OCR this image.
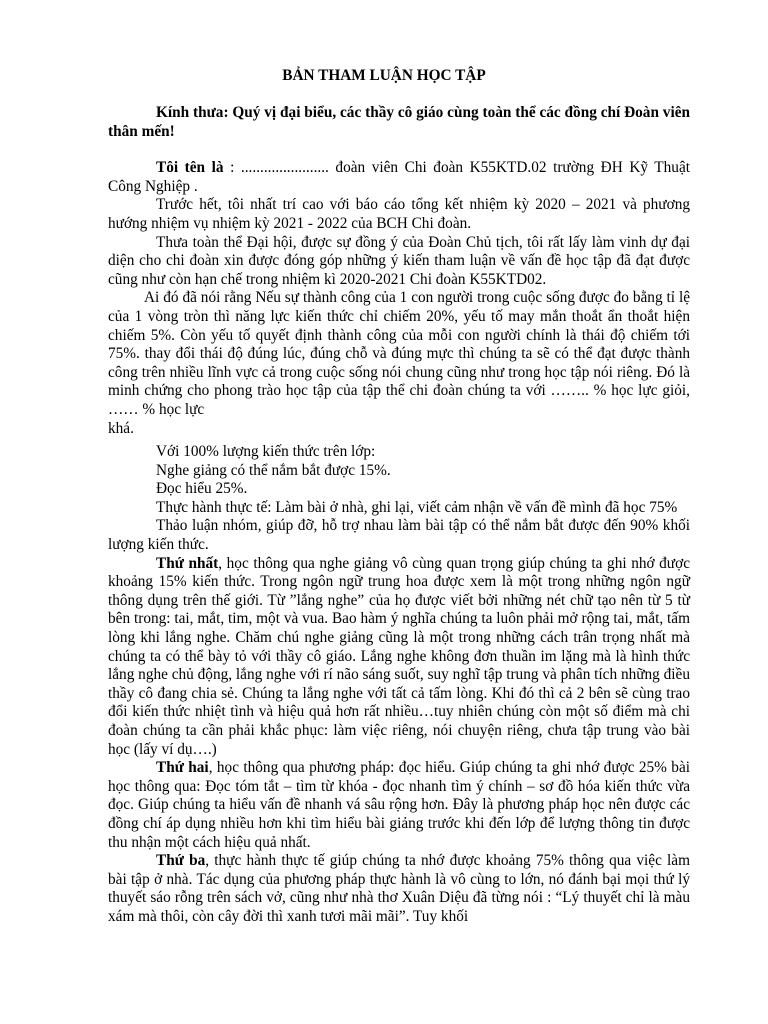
BẢN THAM LUẬN HỌC TẬP

Kính thưa: Quý vị đại biểu, các thầy cô giáo cùng toàn thể các đồng chí Đoàn viên thân mến!

Tôi tên là : ....................... đoàn viên Chi đoàn K55KTD.02 trường ĐH Kỹ Thuật Công Nghiệp .

Trước hết, tôi nhất trí cao với báo cáo tổng kết nhiệm kỳ 2020 – 2021 và phương hướng nhiệm vụ nhiệm kỳ 2021 - 2022 của BCH Chi đoàn.

Thưa toàn thể Đại hội, được sự đồng ý của Đoàn Chủ tịch, tôi rất lấy làm vinh dự đại diện cho chi đoàn xin được đóng góp những ý kiến tham luận về vấn đề học tập đã đạt được cũng như còn hạn chế trong nhiệm kì 2020-2021 Chi đoàn K55KTD02.

Ai đó đã nói rằng Nếu sự thành công của 1 con người trong cuộc sống được đo bằng tỉ lệ của 1 vòng tròn thì năng lực kiến thức chỉ chiếm 20%, yếu tố may mắn thoắt ẩn thoắt hiện chiếm 5%. Còn yếu tố quyết định thành công của mỗi con người chính là thái độ chiếm tới 75%. thay đổi thái độ đúng lúc, đúng chỗ và đúng mực thì chúng ta sẽ có thể đạt được thành công trên nhiều lĩnh vực cả trong cuộc sống nói chung cũng như trong học tập nói riêng. Đó là minh chứng cho phong trào học tập của tập thể chi đoàn chúng ta với …….. % học lực giỏi, …… % học lực

khá.

Với 100% lượng kiến thức trên lớp:

Nghe giảng có thể nắm bắt được 15%.

Đọc hiểu 25%.

Thực hành thực tế: Làm bài ở nhà, ghi lại, viết cảm nhận về vấn đề mình đã học 75%

Thảo luận nhóm, giúp đỡ, hỗ trợ nhau làm bài tập có thể nắm bắt được đến 90% khối lượng kiến thức.

Thứ nhất, học thông qua nghe giảng vô cùng quan trọng giúp chúng ta ghi nhớ được khoảng 15% kiến thức. Trong ngôn ngữ trung hoa được xem là một trong những ngôn ngữ thông dụng trên thế giới. Từ ”lắng nghe” của họ được viết bởi những nét chữ tạo nên từ 5 từ bên trong: tai, mắt, tim, một và vua. Bao hàm ý nghĩa chúng ta luôn phải mở rộng tai, mắt, tấm lòng khi lắng nghe. Chăm chú nghe giảng cũng là một trong những cách trân trọng nhất mà chúng ta có thể bày tỏ với thầy cô giáo. Lắng nghe không đơn thuần im lặng mà là hình thức lắng nghe chủ động, lắng nghe với rí não sáng suốt, suy nghĩ tập trung và phân tích những điều thầy cô đang chia sẻ. Chúng ta lắng nghe với tất cả tấm lòng. Khi đó thì cả 2 bên sẽ cùng trao đổi kiến thức nhiệt tình và hiệu quả hơn rất nhiều…tuy nhiên chúng còn một số điểm mà chi đoàn chúng ta cần phải khắc phục: làm việc riêng, nói chuyện riêng, chưa tập trung vào bài học (lấy ví dụ….)

Thứ hai, học thông qua phương pháp: đọc hiểu. Giúp chúng ta ghi nhớ được 25% bài học thông qua: Đọc tóm tắt – tìm từ khóa - đọc nhanh tìm ý chính – sơ đồ hóa kiến thức vừa đọc. Giúp chúng ta hiểu vấn đề nhanh vá sâu rộng hơn. Đây là phương pháp học nên được các đồng chí áp dụng nhiều hơn khi tìm hiểu bài giảng trước khi đến lớp để lượng thông tin được thu nhận một cách hiệu quả nhất.

Thứ ba, thực hành thực tế giúp chúng ta nhớ được khoảng 75% thông qua việc làm bài tập ở nhà. Tác dụng của phương pháp thực hành là vô cùng to lớn, nó đánh bại mọi thứ lý thuyết sáo rỗng trên sách vở, cũng như nhà thơ Xuân Diệu đã từng nói : “Lý thuyết chỉ là màu xám mà thôi, còn cây đời thì xanh tươi mãi mãi”. Tuy khối
